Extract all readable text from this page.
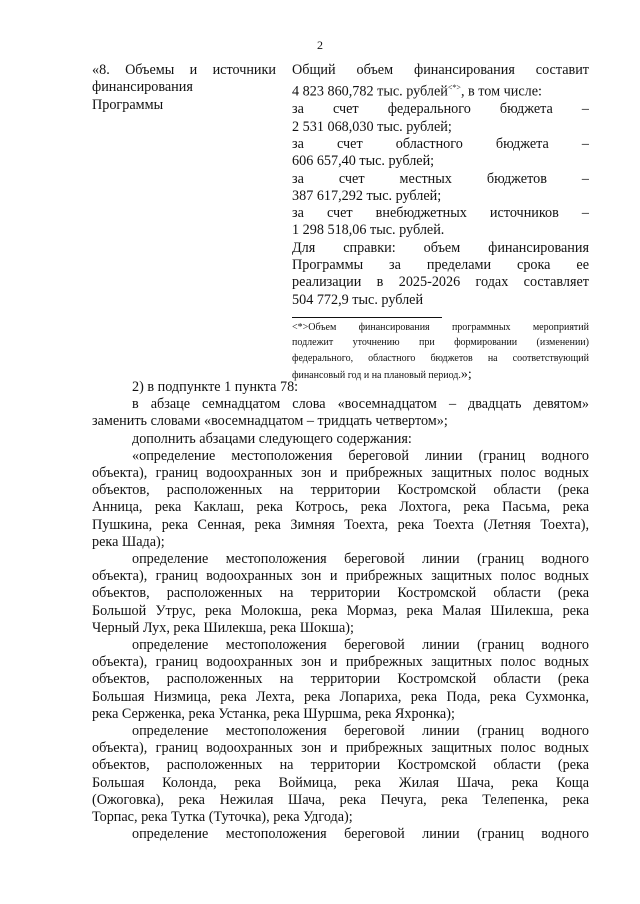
2
«8. Объемы и источники
финансирования
Программы
Общий объем финансирования составит
4 823 860,782 тыс. рублей<*>, в том числе:
за счет федерального бюджета –
2 531 068,030 тыс. рублей;
за счет областного бюджета –
606 657,40 тыс. рублей;
за счет местных бюджетов –
387 617,292 тыс. рублей;
за счет внебюджетных источников –
1 298 518,06 тыс. рублей.
Для справки: объем финансирования
Программы за пределами срока ее
реализации в 2025-2026 годах составляет
504 772,9 тыс. рублей
<*>Объем финансирования программных мероприятий
подлежит уточнению при формировании (изменении)
федерального, областного бюджетов на соответствующий
финансовый год и на плановый период.»;
2) в подпункте 1 пункта 78:
в абзаце семнадцатом слова «восемнадцатом – двадцать девятом»
заменить словами «восемнадцатом – тридцать четвертом»;
дополнить абзацами следующего содержания:
«определение местоположения береговой линии (границ водного
объекта), границ водоохранных зон и прибрежных защитных полос водных
объектов, расположенных на территории Костромской области (река
Анница, река Каклаш, река Котрось, река Лохтога, река Пасьма, река
Пушкина, река Сенная, река Зимняя Тоехта, река Тоехта (Летняя Тоехта),
река Шада);
определение местоположения береговой линии (границ водного
объекта), границ водоохранных зон и прибрежных защитных полос водных
объектов, расположенных на территории Костромской области (река
Большой Утрус, река Молокша, река Мормаз, река Малая Шилекша, река
Черный Лух, река Шилекша, река Шокша);
определение местоположения береговой линии (границ водного
объекта), границ водоохранных зон и прибрежных защитных полос водных
объектов, расположенных на территории Костромской области (река
Большая Низмица, река Лехта, река Лопариха, река Пода, река Сухмонка,
река Серженка, река Устанка, река Шуршма, река Яхронка);
определение местоположения береговой линии (границ водного
объекта), границ водоохранных зон и прибрежных защитных полос водных
объектов, расположенных на территории Костромской области (река
Большая Колонда, река Воймица, река Жилая Шача, река Коща
(Ожоговка), река Нежилая Шача, река Печуга, река Телепенка, река
Торпас, река Тутка (Туточка), река Удгода);
определение местоположения береговой линии (границ водного
